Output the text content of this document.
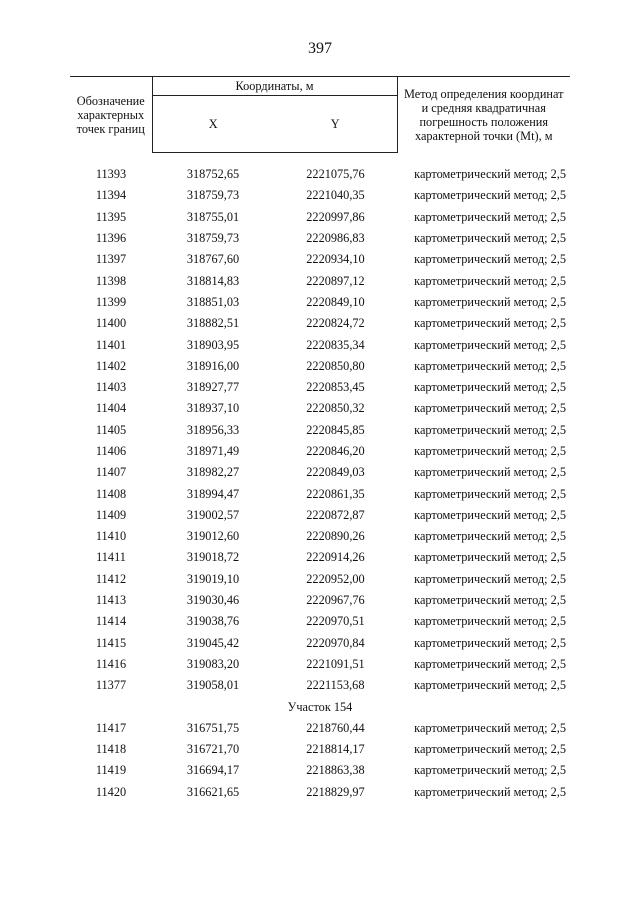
397
Обозначение характерных точек границ	Координаты, м		Метод определения координат и средняя квадратичная погрешность положения характерной точки (Mt), м
	X	Y	

11393	318752,65	2221075,76	картометрический метод; 2,5
11394	318759,73	2221040,35	картометрический метод; 2,5
11395	318755,01	2220997,86	картометрический метод; 2,5
11396	318759,73	2220986,83	картометрический метод; 2,5
11397	318767,60	2220934,10	картометрический метод; 2,5
11398	318814,83	2220897,12	картометрический метод; 2,5
11399	318851,03	2220849,10	картометрический метод; 2,5
11400	318882,51	2220824,72	картометрический метод; 2,5
11401	318903,95	2220835,34	картометрический метод; 2,5
11402	318916,00	2220850,80	картометрический метод; 2,5
11403	318927,77	2220853,45	картометрический метод; 2,5
11404	318937,10	2220850,32	картометрический метод; 2,5
11405	318956,33	2220845,85	картометрический метод; 2,5
11406	318971,49	2220846,20	картометрический метод; 2,5
11407	318982,27	2220849,03	картометрический метод; 2,5
11408	318994,47	2220861,35	картометрический метод; 2,5
11409	319002,57	2220872,87	картометрический метод; 2,5
11410	319012,60	2220890,26	картометрический метод; 2,5
11411	319018,72	2220914,26	картометрический метод; 2,5
11412	319019,10	2220952,00	картометрический метод; 2,5
11413	319030,46	2220967,76	картометрический метод; 2,5
11414	319038,76	2220970,51	картометрический метод; 2,5
11415	319045,42	2220970,84	картометрический метод; 2,5
11416	319083,20	2221091,51	картометрический метод; 2,5
11377	319058,01	2221153,68	картометрический метод; 2,5
Участок 154			
11417	316751,75	2218760,44	картометрический метод; 2,5
11418	316721,70	2218814,17	картометрический метод; 2,5
11419	316694,17	2218863,38	картометрический метод; 2,5
11420	316621,65	2218829,97	картометрический метод; 2,5
